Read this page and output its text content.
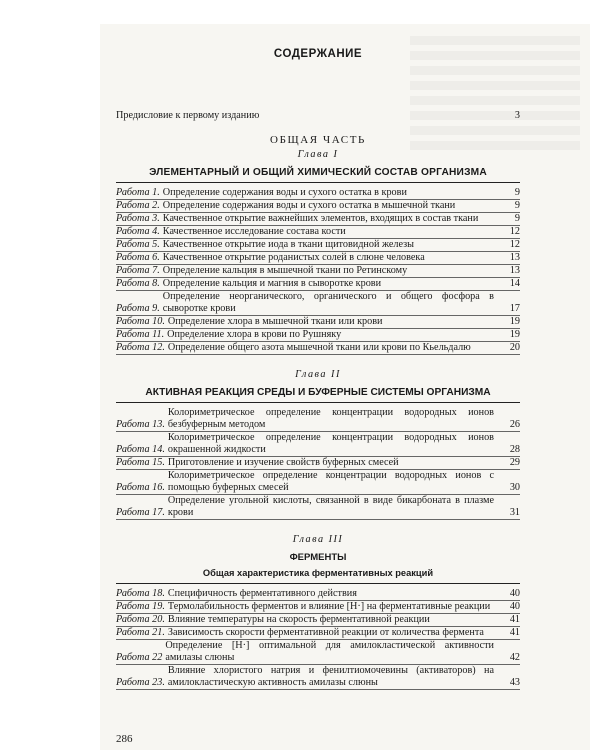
СОДЕРЖАНИЕ
Предисловие к первому изданию	3
ОБЩАЯ ЧАСТЬ
Глава I
ЭЛЕМЕНТАРНЫЙ И ОБЩИЙ ХИМИЧЕСКИЙ СОСТАВ ОРГАНИЗМА
Работа 1. Определение содержания воды и сухого остатка в крови	9
Работа 2. Определение содержания воды и сухого остатка в мышечной ткани	9
Работа 3. Качественное открытие важнейших элементов, входящих в состав ткани	9
Работа 4. Качественное исследование состава кости	12
Работа 5. Качественное открытие иода в ткани щитовидной железы	12
Работа 6. Качественное открытие роданистых солей в слюне человека	13
Работа 7. Определение кальция в мышечной ткани по Ретинскому	13
Работа 8. Определение кальция и магния в сыворотке крови	14
Работа 9.
Определение неорганического, органического и общего фосфора в сыворотке крови	17
Работа 10. Определение хлора в мышечной ткани или крови	19
Работа 11. Определение хлора в крови по Рушняку	19
Работа 12. Определение общего азота мышечной ткани или крови по Кьельдалю	20
Глава II
АКТИВНАЯ РЕАКЦИЯ СРЕДЫ И БУФЕРНЫЕ СИСТЕМЫ ОРГАНИЗМА
Работа 13.
Колориметрическое определение концентрации водородных ионов безбуферным методом	26
Работа 14.
Колориметрическое определение концентрации водородных ионов окрашенной жидкости	28
Работа 15. Приготовление и изучение свойств буферных смесей	29
Работа 16.
Колориметрическое определение концентрации водородных ионов с помощью буферных смесей	30
Работа 17.
Определение угольной кислоты, связанной в виде бикарбоната в плазме крови	31
Глава III
ФЕРМЕНТЫ
Общая характеристика ферментативных реакций
Работа 18. Специфичность ферментативного действия	40
Работа 19. Термолабильность ферментов и влияние [H·] на ферментативные реакции	40
Работа 20. Влияние температуры на скорость ферментативной реакции	41
Работа 21. Зависимость скорости ферментативной реакции от количества фермента	41
Работа 22
Определение [H·] оптимальной для амилокластической активности амилазы слюны	42
Работа 23.
Влияние хлористого натрия и фенилтиомочевины (активаторов) на амилокластическую активность амилазы слюны	43
286
